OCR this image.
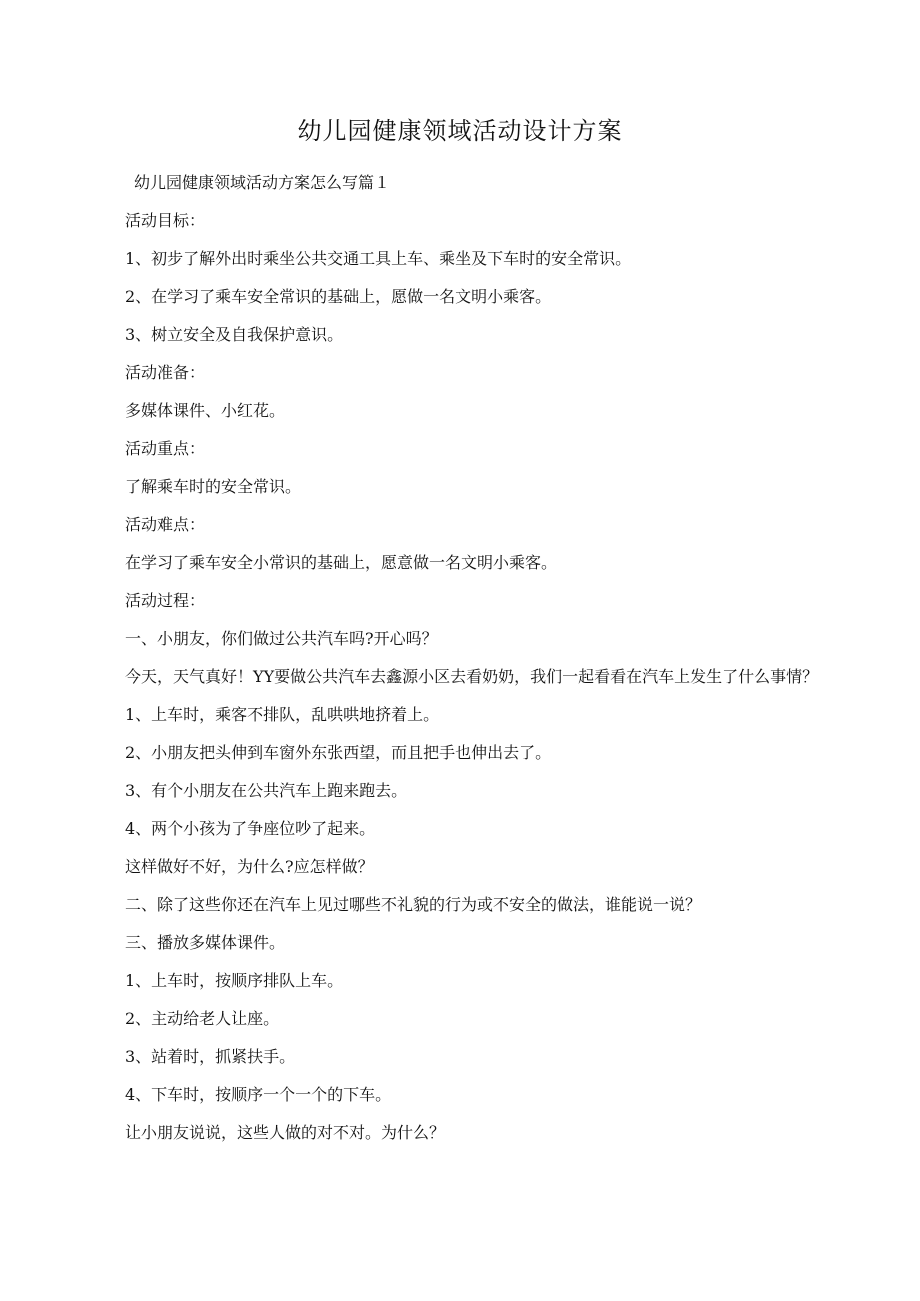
幼儿园健康领域活动设计方案

幼儿园健康领域活动方案怎么写篇１

活动目标：

1、初步了解外出时乘坐公共交通工具上车、乘坐及下车时的安全常识。

2、在学习了乘车安全常识的基础上，愿做一名文明小乘客。

3、树立安全及自我保护意识。

活动准备：

多媒体课件、小红花。

活动重点：

了解乘车时的安全常识。

活动难点：

在学习了乘车安全小常识的基础上，愿意做一名文明小乘客。

活动过程：

一、小朋友，你们做过公共汽车吗?开心吗？

今天，天气真好！YY要做公共汽车去鑫源小区去看奶奶，我们一起看看在汽车上发生了什么事情？

1、上车时，乘客不排队，乱哄哄地挤着上。

2、小朋友把头伸到车窗外东张西望，而且把手也伸出去了。

3、有个小朋友在公共汽车上跑来跑去。

4、两个小孩为了争座位吵了起来。

这样做好不好，为什么?应怎样做？

二、除了这些你还在汽车上见过哪些不礼貌的行为或不安全的做法，谁能说一说？

三、播放多媒体课件。

1、上车时，按顺序排队上车。

2、主动给老人让座。

3、站着时，抓紧扶手。

4、下车时，按顺序一个一个的下车。

让小朋友说说，这些人做的对不对。为什么？
